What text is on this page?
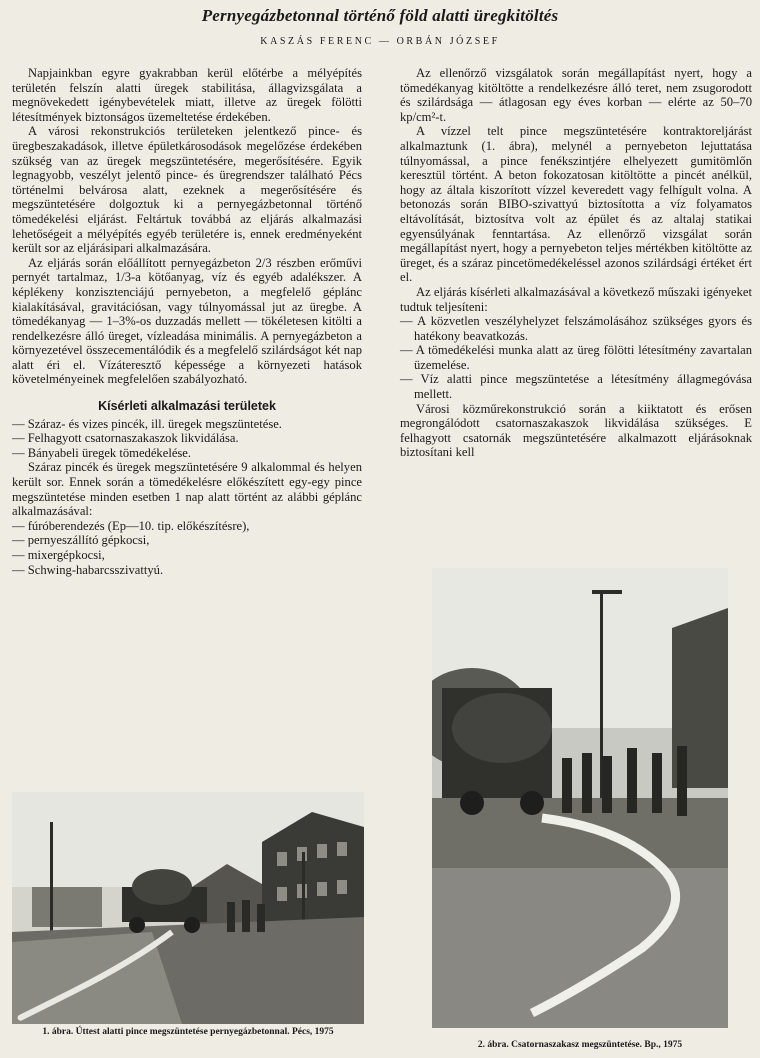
Pernyegázbetonnal történő föld alatti üregkitöltés
KASZÁS FERENC — ORBÁN JÓZSEF

Napjainkban egyre gyakrabban kerül előtérbe a mélyépítés területén felszín alatti üregek stabilitása, állagvizsgálata a megnövekedett igénybevételek miatt, illetve az üregek fölötti létesítmények biztonságos üzemeltetése érdekében.

A városi rekonstrukciós területeken jelentkező pince- és üregbeszakadások, illetve épületkárosodások megelőzése érdekében szükség van az üregek megszüntetésére, megerősítésére. Egyik legnagyobb, veszélyt jelentő pince- és üregrendszer található Pécs történelmi belvárosa alatt, ezeknek a megerősítésére és megszüntetésére dolgoztuk ki a pernyegázbetonnal történő tömedékelési eljárást. Feltártuk továbbá az eljárás alkalmazási lehetőségeit a mélyépítés egyéb területére is, ennek eredményeként került sor az eljárásipari alkalmazására.

Az eljárás során előállított pernyegázbeton 2/3 részben erőművi pernyét tartalmaz, 1/3-a kötőanyag, víz és egyéb adalékszer. A képlékeny konzisztenciájú pernyebeton, a megfelelő géplánc kialakításával, gravitációsan, vagy túlnyomással jut az üregbe. A tömedékanyag — 1–3%-os duzzadás mellett — tökéletesen kitölti a rendelkezésre álló üreget, vízleadása minimális. A pernyegázbeton a környezetével összecementálódik és a megfelelő szilárdságot két nap alatt éri el. Vízáteresztő képessége a környezeti hatások követelményeinek megfelelően szabályozható.

Kísérleti alkalmazási területek
— Száraz- és vizes pincék, ill. üregek megszüntetése.
— Felhagyott csatornaszakaszok likvidálása.
— Bányabeli üregek tömedékelése.

Száraz pincék és üregek megszüntetésére 9 alkalommal és helyen került sor. Ennek során a tömedékelésre előkészített egy-egy pince megszüntetése minden esetben 1 nap alatt történt az alábbi géplánc alkalmazásával:

— fúróberendezés (Ep—10. tip. előkészítésre),
— pernyeszállító gépkocsi,
— mixergépkocsi,
— Schwing-habarcsszivattyú.

Az ellenőrző vizsgálatok során megállapítást nyert, hogy a tömedékanyag kitöltötte a rendelkezésre álló teret, nem zsugorodott és szilárdsága — átlagosan egy éves korban — elérte az 50–70 kp/cm²-t.

A vízzel telt pince megszüntetésére kontraktoreljárást alkalmaztunk (1. ábra), melynél a pernyebeton lejuttatása túlnyomással, a pince fenékszintjére elhelyezett gumitömlőn keresztül történt. A beton fokozatosan kitöltötte a pincét anélkül, hogy az általa kiszorított vízzel keveredett vagy felhígult volna. A betonozás során BIBO-szivattyú biztosította a víz folyamatos eltávolítását, biztosítva volt az épület és az altalaj statikai egyensúlyának fenntartása. Az ellenőrző vizsgálat során megállapítást nyert, hogy a pernyebeton teljes mértékben kitöltötte az üreget, és a száraz pincetömedékeléssel azonos szilárdsági értéket ért el.

Az eljárás kísérleti alkalmazásával a következő műszaki igényeket tudtuk teljesíteni:

— A közvetlen veszélyhelyzet felszámolásához szükséges gyors és hatékony beavatkozás.
— A tömedékelési munka alatt az üreg fölötti létesítmény zavartalan üzemelése.
— Víz alatti pince megszüntetése a létesítmény állagmegóvása mellett.

Városi közműrekonstrukció során a kiiktatott és erősen megrongálódott csatornaszakaszok likvidálása szükséges. E felhagyott csatornák megszüntetésére alkalmazott eljárásoknak biztosítani kell

1. ábra. Úttest alatti pince megszüntetése pernyegázbetonnal. Pécs, 1975
2. ábra. Csatornaszakasz megszüntetése. Bp., 1975
